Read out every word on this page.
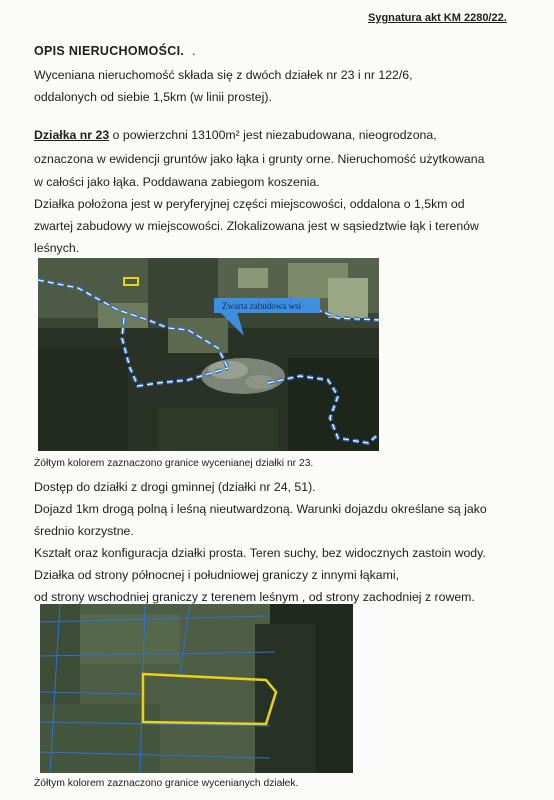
Sygnatura akt KM 2280/22.
OPIS NIERUCHOMOŚCI. .
Wyceniana nieruchomość składa się z dwóch działek nr 23 i nr 122/6,
oddalonych od siebie 1,5km (w linii prostej).
Działka nr 23 o powierzchni 13100m² jest niezabudowana, nieogrodzona,
oznaczona w ewidencji gruntów jako łąka i grunty orne. Nieruchomość użytkowana
w całości jako łąka. Poddawana zabiegom koszenia.
Działka położona jest w peryferyjnej części miejscowości, oddalona o 1,5km od
zwartej zabudowy w miejscowości. Zlokalizowana jest w sąsiedztwie łąk i terenów
leśnych.
Zwarta zabudowa wsi
Żółtym kolorem zaznaczono granice wycenianej działki nr 23.
Dostęp do działki z drogi gminnej (działki nr 24, 51).
Dojazd 1km drogą polną i leśną nieutwardzoną. Warunki dojazdu określane są jako
średnio korzystne.
Kształt oraz konfiguracja działki prosta. Teren suchy, bez widocznych zastoin wody.
Działka od strony północnej i południowej graniczy z innymi łąkami,
od strony wschodniej graniczy z terenem leśnym , od strony zachodniej z rowem.
Żółtym kolorem zaznaczono granice wycenianych działek.
